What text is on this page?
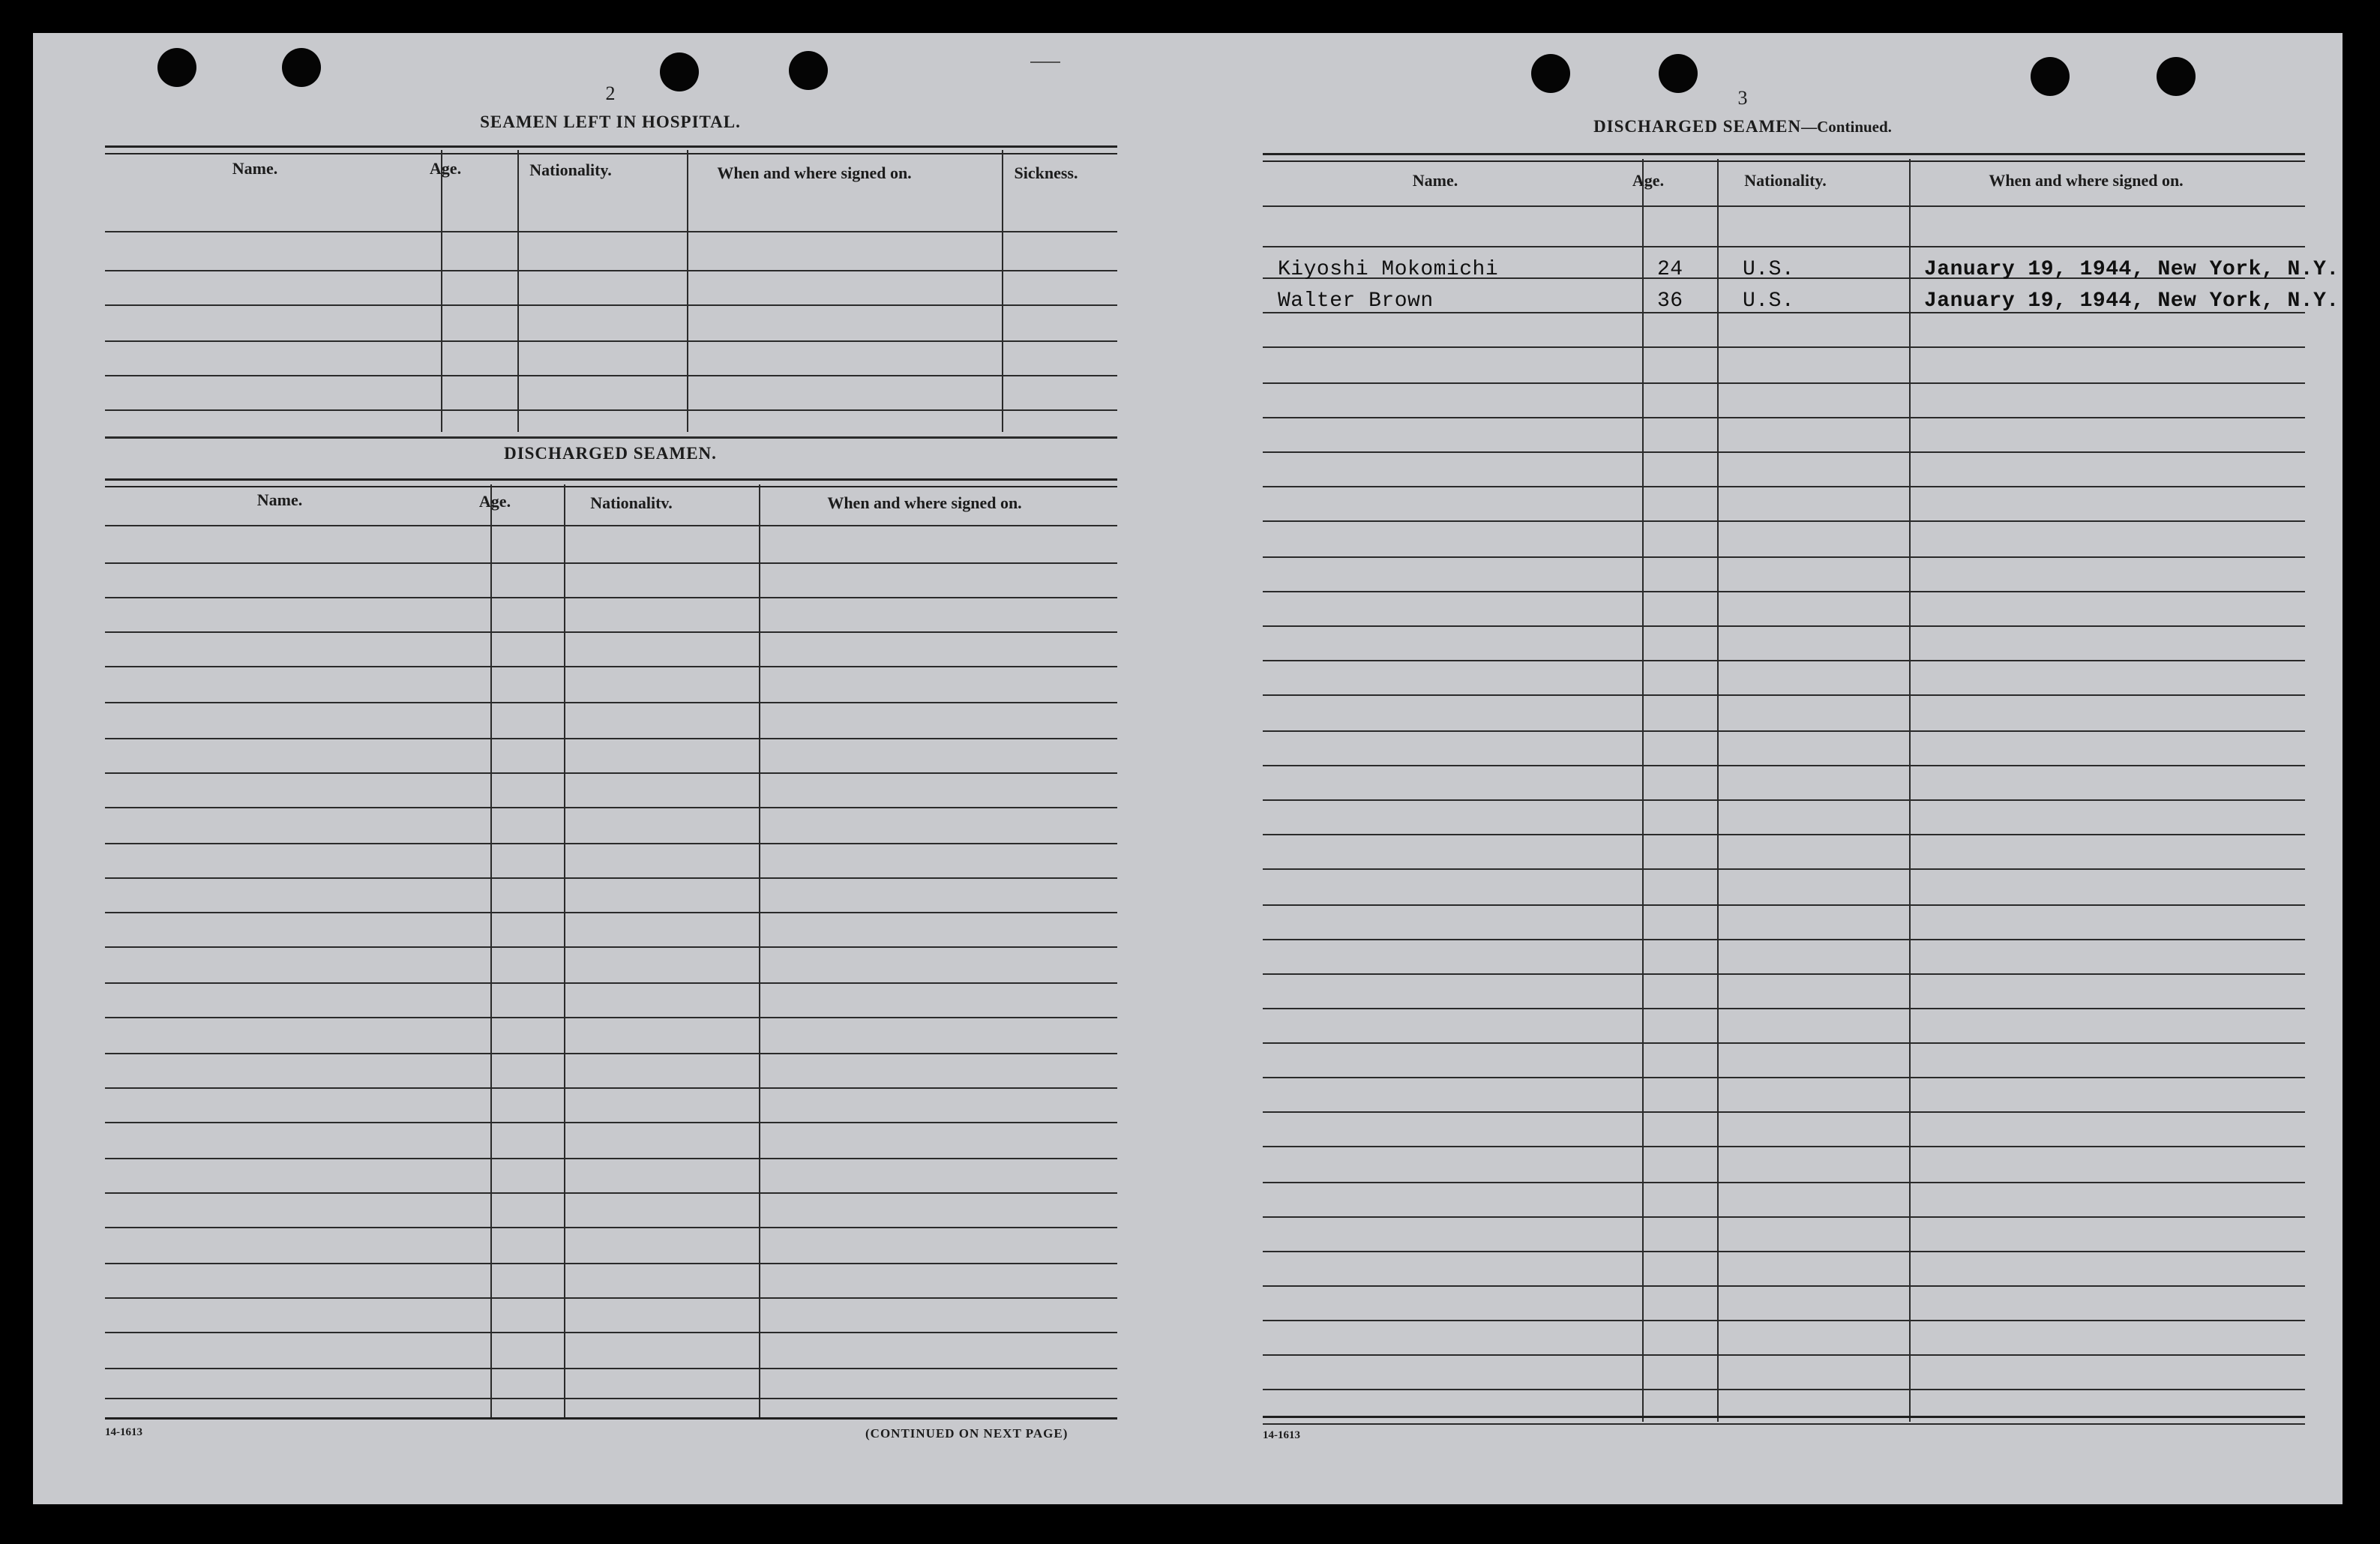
2
SEAMEN LEFT IN HOSPITAL.
Name.	Age.	Nationality.	When and where signed on.	Sickness.
DISCHARGED SEAMEN.
Name.	Age.	Nationalitv.	When and where signed on.
14-1613	(CONTINUED ON NEXT PAGE)
3
DISCHARGED SEAMEN—Continued.
Name.	Age.	Nationality.	When and where signed on.
Kiyoshi Mokomichi	24	U.S.	January 19, 1944, New York, N.Y.
Walter Brown	36	U.S.	January 19, 1944, New York, N.Y.
14-1613
